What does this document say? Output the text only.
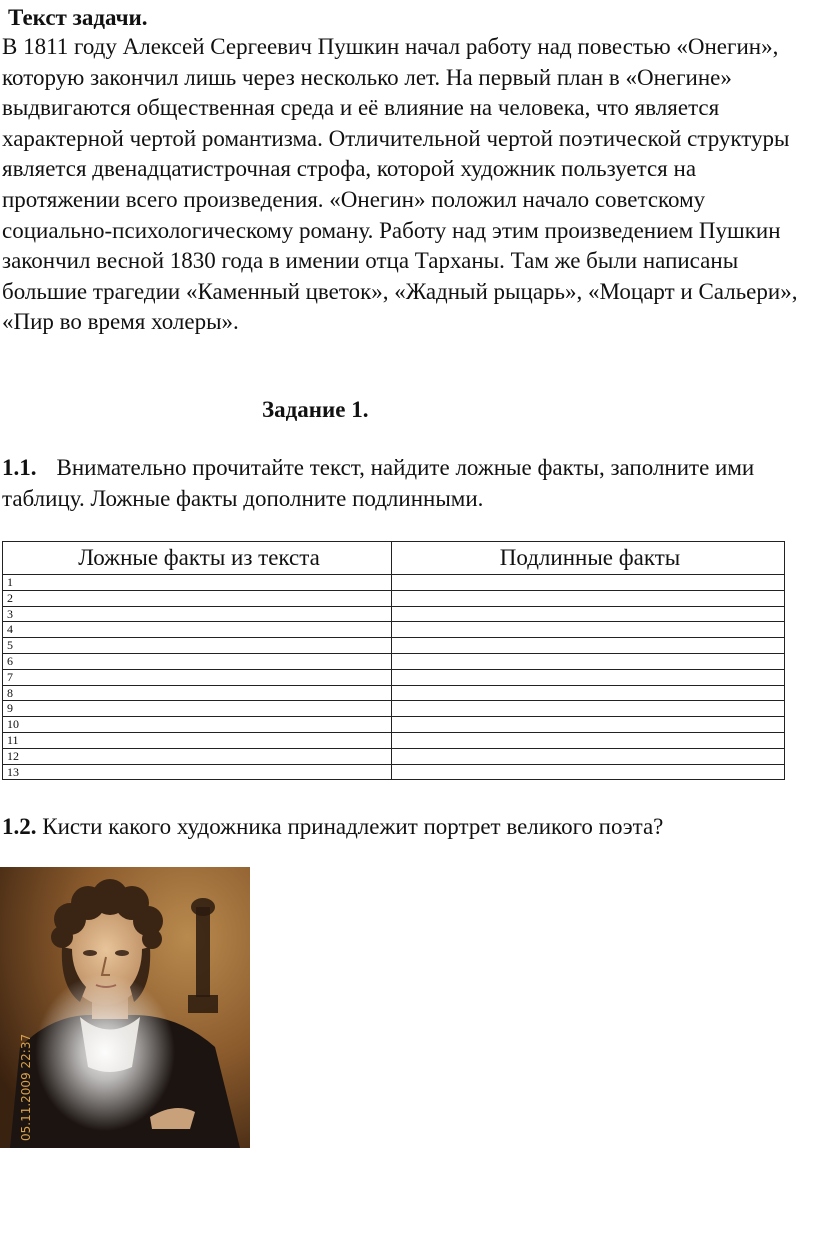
Текст задачи.

В 1811 году Алексей Сергеевич Пушкин начал работу над повестью «Онегин», которую закончил лишь через несколько лет. На первый план в «Онегине» выдвигаются общественная среда и её влияние на человека, что является характерной чертой романтизма. Отличительной чертой поэтической структуры является двенадцатистрочная строфа, которой художник пользуется на протяжении всего произведения. «Онегин» положил начало советскому социально-психологическому роману. Работу над этим произведением Пушкин закончил весной 1830 года в имении отца Тарханы. Там же были написаны большие трагедии «Каменный цветок», «Жадный рыцарь», «Моцарт и Сальери», «Пир во время холеры».

Задание 1.

1.1. Внимательно прочитайте текст, найдите ложные факты, заполните ими таблицу. Ложные факты дополните подлинными.

Ложные факты из текста	Подлинные факты
1	
2	
3	
4	
5	
6	
7	
8	
9	
10	
11	
12	
13	

1.2. Кисти какого художника принадлежит портрет великого поэта?

05.11.2009 22:37
